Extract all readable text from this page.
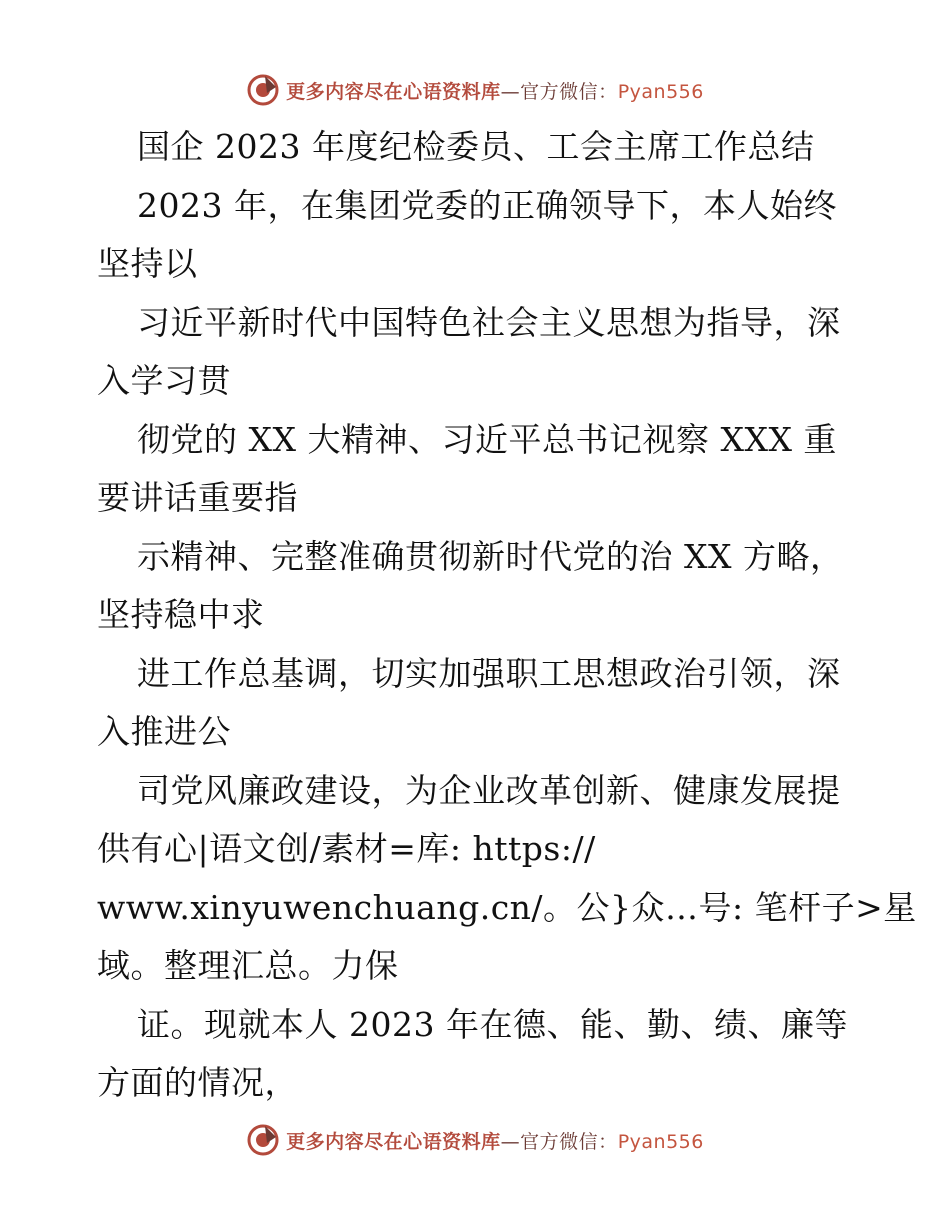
更多内容尽在心语资料库—官方微信：Pyan556
国企 2023 年度纪检委员、工会主席工作总结
2023 年，在集团党委的正确领导下，本人始终
坚持以
习近平新时代中国特色社会主义思想为指导，深
入学习贯
彻党的 XX 大精神、习近平总书记视察 XXX 重
要讲话重要指
示精神、完整准确贯彻新时代党的治 XX 方略，
坚持稳中求
进工作总基调，切实加强职工思想政治引领，深
入推进公
司党风廉政建设，为企业改革创新、健康发展提
供有心|语文创/素材=库: https://
www.xinyuwenchuang.cn/。公}众…号: 笔杆子>星
域。整理汇总。力保
证。现就本人 2023 年在德、能、勤、绩、廉等
方面的情况，
更多内容尽在心语资料库—官方微信：Pyan556
